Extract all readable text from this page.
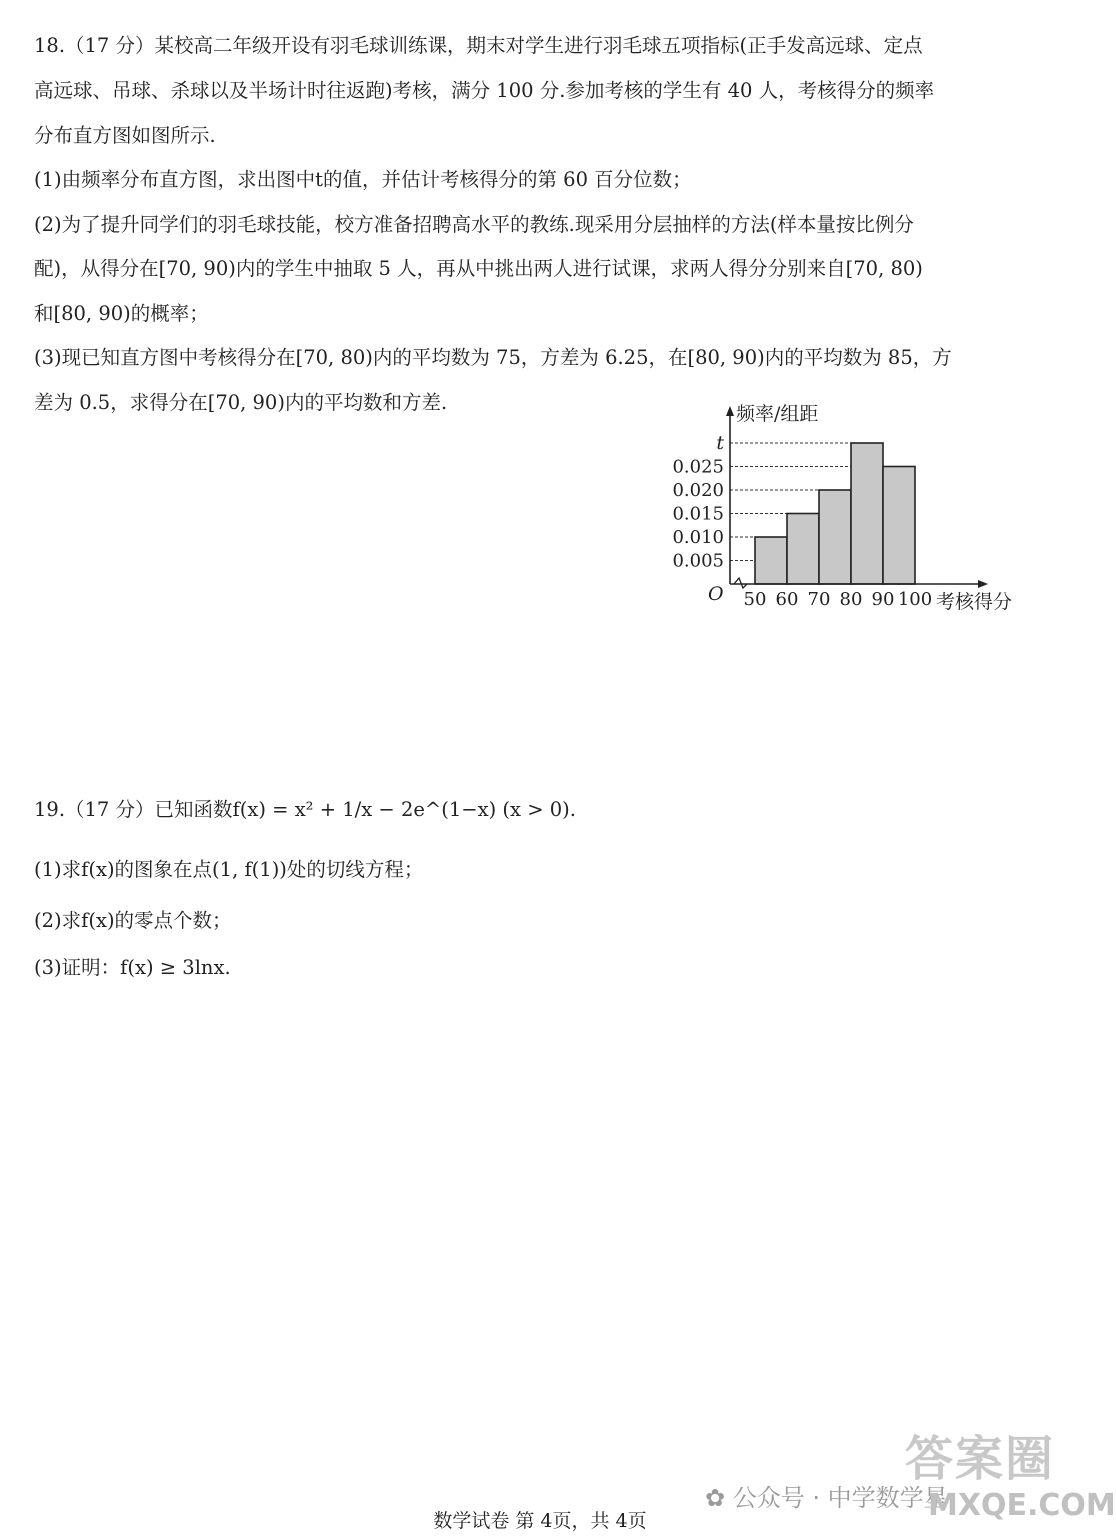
18.（17 分）某校高二年级开设有羽毛球训练课，期末对学生进行羽毛球五项指标(正手发高远球、定点
高远球、吊球、杀球以及半场计时往返跑)考核，满分 100 分.参加考核的学生有 40 人，考核得分的频率
分布直方图如图所示.
(1)由频率分布直方图，求出图中t的值，并估计考核得分的第 60 百分位数；
(2)为了提升同学们的羽毛球技能，校方准备招聘高水平的教练.现采用分层抽样的方法(样本量按比例分
配)，从得分在[70, 90)内的学生中抽取 5 人，再从中挑出两人进行试课，求两人得分分别来自[70, 80)
和[80, 90)的概率；
(3)现已知直方图中考核得分在[70, 80)内的平均数为 75，方差为 6.25，在[80, 90)内的平均数为 85，方
差为 0.5，求得分在[70, 90)内的平均数和方差.
0.005
0.010
0.015
0.020
0.025
t
50 60 70 80 90 100
O
频率/组距
考核得分
19.（17 分）已知函数f(x) = x² + 1/x − 2e^(1−x) (x > 0).
(1)求f(x)的图象在点(1, f(1))处的切线方程；
(2)求f(x)的零点个数；
(3)证明：f(x) ≥ 3lnx.
答案圈
✿ 公众号 · 中学数学星
MXQE.COM
数学试卷 第 4页，共 4页
